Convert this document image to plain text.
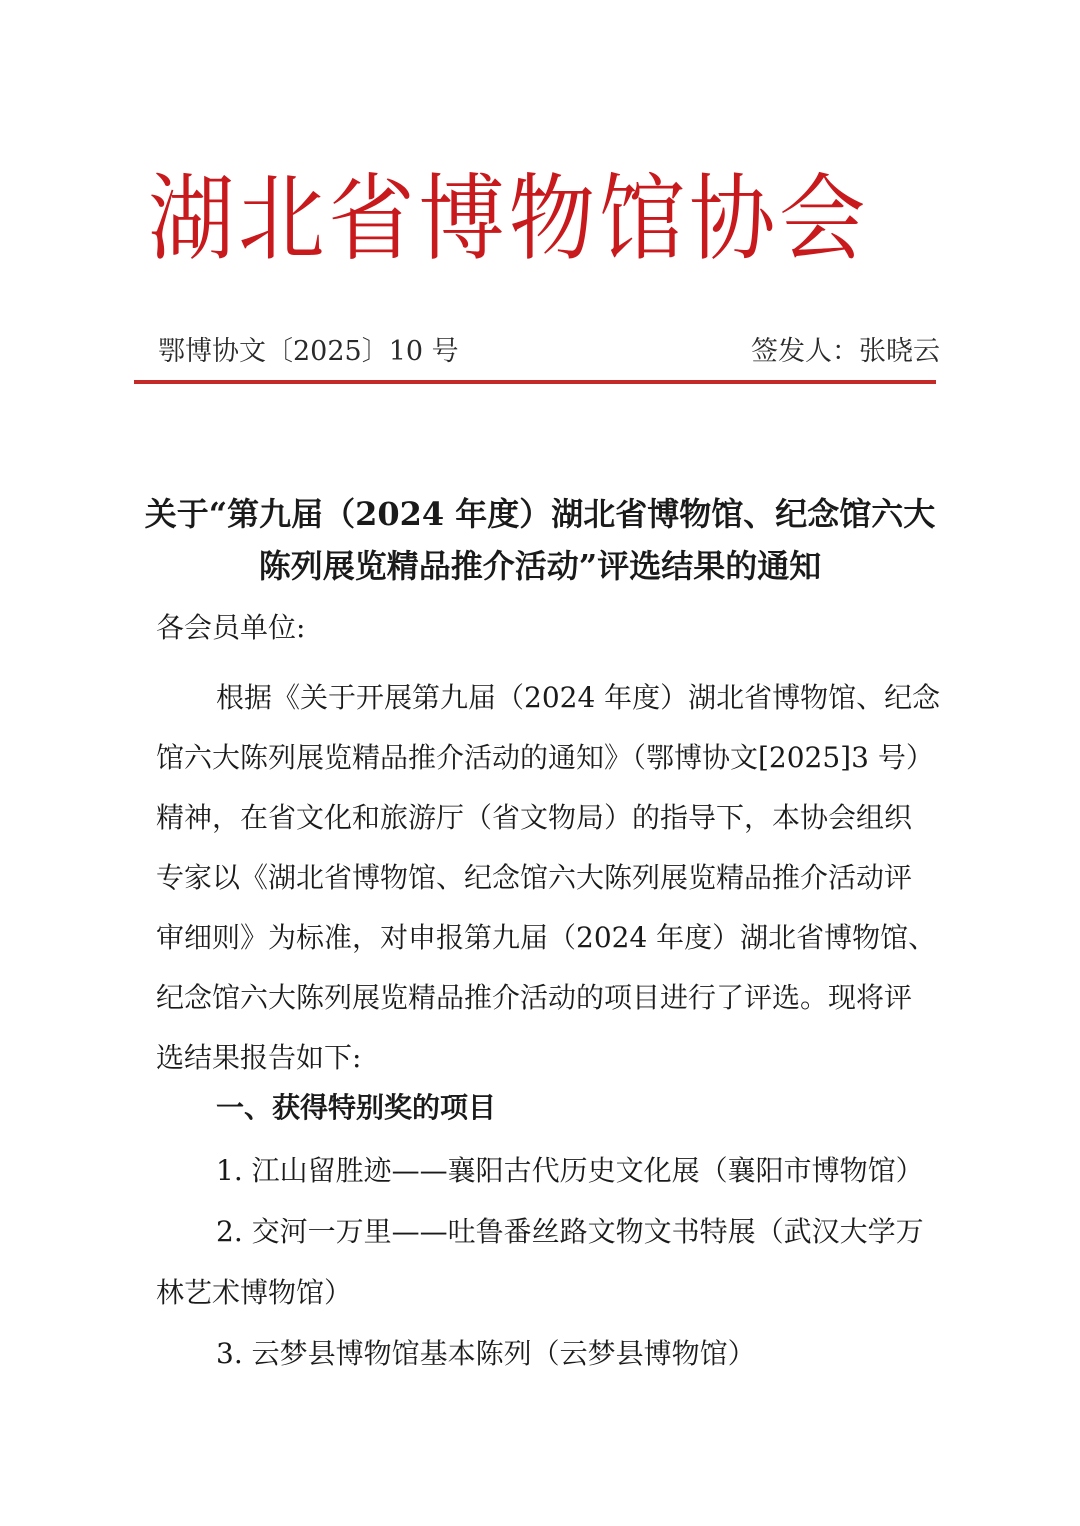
湖 北 省 博 物 馆 协 会
鄂博协文〔2025〕10 号	签发人：张晓云
关于“第九届（2024 年度）湖北省博物馆、纪念馆六大
陈列展览精品推介活动”评选结果的通知
各会员单位:
根据《关于开展第九届（2024 年度）湖北省博物馆、纪念
馆六大陈列展览精品推介活动的通知》（鄂博协文[2025]3 号）
精神，在省文化和旅游厅（省文物局）的指导下，本协会组织
专家以《湖北省博物馆、纪念馆六大陈列展览精品推介活动评
审细则》为标准，对申报第九届（2024 年度）湖北省博物馆、
纪念馆六大陈列展览精品推介活动的项目进行了评选。现将评
选结果报告如下:
一、获得特别奖的项目
1. 江山留胜迹——襄阳古代历史文化展（襄阳市博物馆）
2. 交河一万里——吐鲁番丝路文物文书特展（武汉大学万
林艺术博物馆）
3. 云梦县博物馆基本陈列（云梦县博物馆）
